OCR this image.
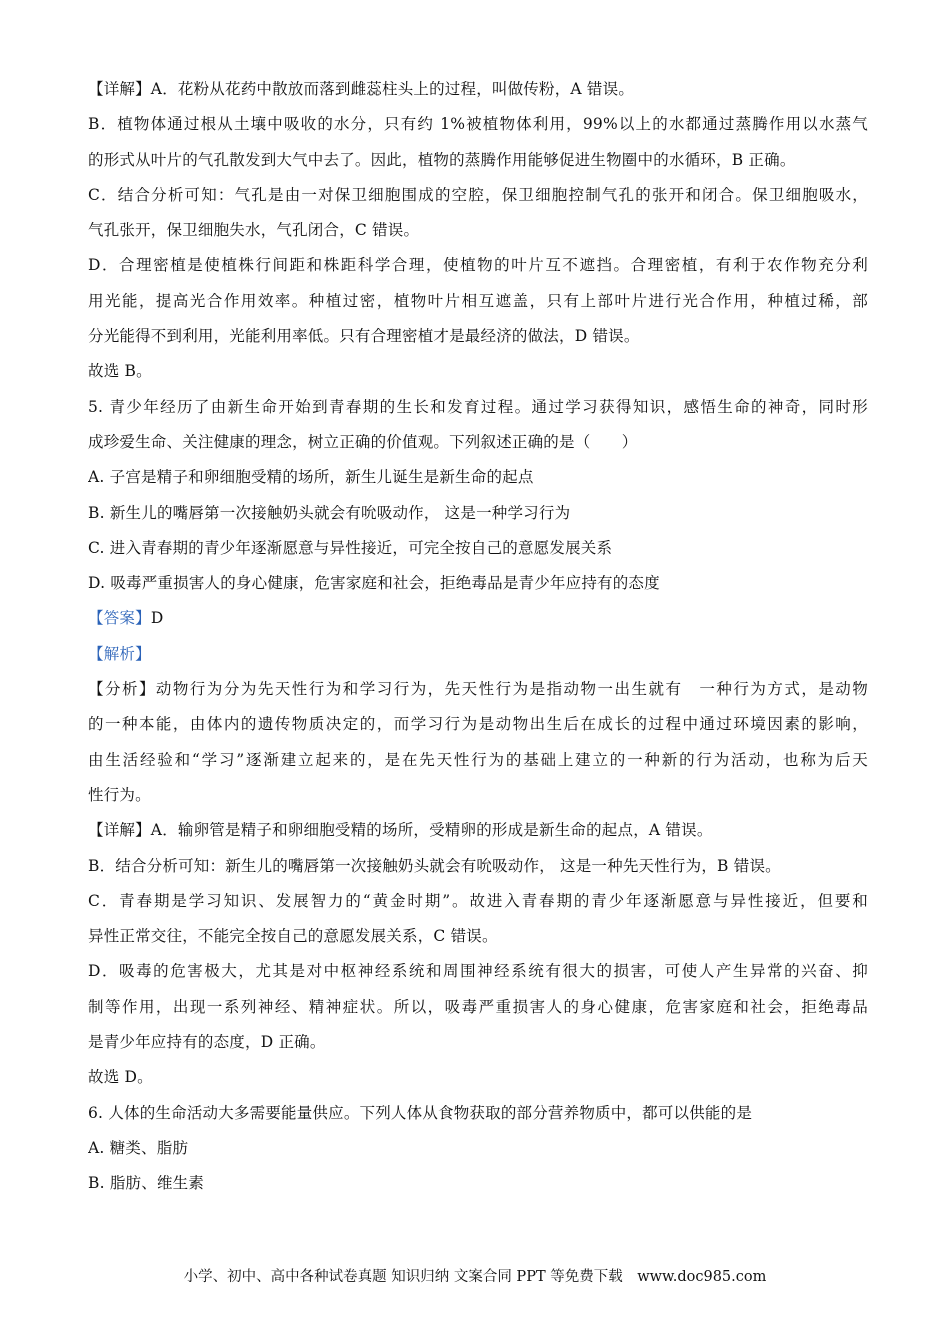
【详解】A．花粉从花药中散放而落到雌蕊柱头上的过程，叫做传粉，A 错误。
B．植物体通过根从土壤中吸收的水分，只有约 1%被植物体利用，99%以上的水都通过蒸腾作用以水蒸气
的形式从叶片的气孔散发到大气中去了。因此，植物的蒸腾作用能够促进生物圈中的水循环，B 正确。
C．结合分析可知：气孔是由一对保卫细胞围成的空腔，保卫细胞控制气孔的张开和闭合。保卫细胞吸水，
气孔张开，保卫细胞失水，气孔闭合，C 错误。
D．合理密植是使植株行间距和株距科学合理，使植物的叶片互不遮挡。合理密植，有利于农作物充分利
用光能，提高光合作用效率。种植过密，植物叶片相互遮盖，只有上部叶片进行光合作用，种植过稀，部
分光能得不到利用，光能利用率低。只有合理密植才是最经济的做法，D 错误。
故选 B。
5. 青少年经历了由新生命开始到青春期的生长和发育过程。通过学习获得知识，感悟生命的神奇，同时形
成珍爱生命、关注健康的理念，树立正确的价值观。下列叙述正确的是（　　）
A. 子宫是精子和卵细胞受精的场所，新生儿诞生是新生命的起点
B. 新生儿的嘴唇第一次接触奶头就会有吮吸动作， 这是一种学习行为
C. 进入青春期的青少年逐渐愿意与异性接近，可完全按自己的意愿发展关系
D. 吸毒严重损害人的身心健康，危害家庭和社会，拒绝毒品是青少年应持有的态度
【答案】D
【解析】
【分析】动物行为分为先天性行为和学习行为，先天性行为是指动物一出生就有　一种行为方式，是动物
的一种本能，由体内的遗传物质决定的，而学习行为是动物出生后在成长的过程中通过环境因素的影响，
由生活经验和“学习”逐渐建立起来的，是在先天性行为的基础上建立的一种新的行为活动，也称为后天
性行为。
【详解】A．输卵管是精子和卵细胞受精的场所，受精卵的形成是新生命的起点，A 错误。
B．结合分析可知：新生儿的嘴唇第一次接触奶头就会有吮吸动作， 这是一种先天性行为，B 错误。
C．青春期是学习知识、发展智力的“黄金时期”。故进入青春期的青少年逐渐愿意与异性接近，但要和
异性正常交往，不能完全按自己的意愿发展关系，C 错误。
D．吸毒的危害极大，尤其是对中枢神经系统和周围神经系统有很大的损害，可使人产生异常的兴奋、抑
制等作用，出现一系列神经、精神症状。所以，吸毒严重损害人的身心健康，危害家庭和社会，拒绝毒品
是青少年应持有的态度，D 正确。
故选 D。
6. 人体的生命活动大多需要能量供应。下列人体从食物获取的部分营养物质中，都可以供能的是
A. 糖类、脂肪
B. 脂肪、维生素
小学、初中、高中各种试卷真题 知识归纳 文案合同 PPT 等免费下载　www.doc985.com
